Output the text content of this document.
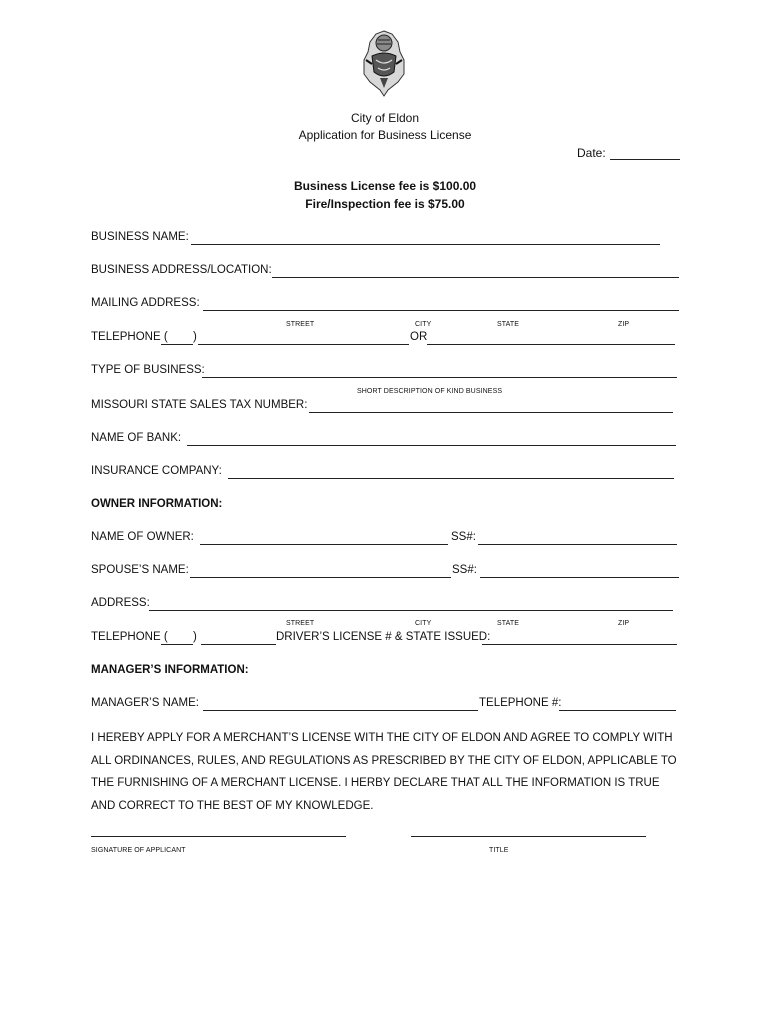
City of Eldon
Application for Business License
Date:
Business License fee is $100.00
Fire/Inspection fee is $75.00
BUSINESS NAME:
BUSINESS ADDRESS/LOCATION:
MAILING ADDRESS:
STREET	CITY	STATE	ZIP
TELEPHONE ( )	OR
TYPE OF BUSINESS:
SHORT DESCRIPTION OF KIND BUSINESS
MISSOURI STATE SALES TAX NUMBER:
NAME OF BANK:
INSURANCE COMPANY:
OWNER INFORMATION:
NAME OF OWNER:	SS#:
SPOUSE’S NAME:	SS#:
ADDRESS:
STREET	CITY	STATE	ZIP
TELEPHONE ( )	DRIVER’S LICENSE # & STATE ISSUED:
MANAGER’S INFORMATION:
MANAGER’S NAME:	TELEPHONE #:
I HEREBY APPLY FOR A MERCHANT’S LICENSE WITH THE CITY OF ELDON AND AGREE TO COMPLY WITH
ALL ORDINANCES, RULES, AND REGULATIONS AS PRESCRIBED BY THE CITY OF ELDON, APPLICABLE TO
THE FURNISHING OF A MERCHANT LICENSE. I HERBY DECLARE THAT ALL THE INFORMATION IS TRUE
AND CORRECT TO THE BEST OF MY KNOWLEDGE.
SIGNATURE OF APPLICANT	TITLE
